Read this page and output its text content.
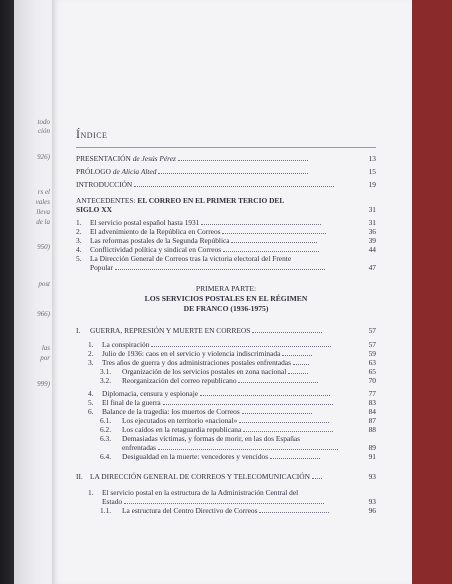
todo
ción
926)
rs el
vales
lleva
de la
950)
post
966)
las
por
999)
Índice
PRESENTACIÓN de Jesús Pérez	13
PRÓLOGO de Alicia Alted	15
INTRODUCCIÓN	19
ANTECEDENTES: EL CORREO EN EL PRIMER TERCIO DEL
SIGLO XX	31
1. El servicio postal español hasta 1931	31
2. El advenimiento de la República en Correos	36
3. Las reformas postales de la Segunda República	39
4. Conflictividad política y sindical en Correos	44
5. La Dirección General de Correos tras la victoria electoral del Frente
Popular	47
PRIMERA PARTE:
LOS SERVICIOS POSTALES EN EL RÉGIMEN
DE FRANCO (1936-1975)
I. GUERRA, REPRESIÓN Y MUERTE EN CORREOS	57
1. La conspiración	57
2. Julio de 1936: caos en el servicio y violencia indiscriminada	59
3. Tres años de guerra y dos administraciones postales enfrentadas	63
3.1. Organización de los servicios postales en zona nacional	65
3.2. Reorganización del correo republicano	70
4. Diplomacia, censura y espionaje	77
5. El final de la guerra	83
6. Balance de la tragedia: los muertos de Correos	84
6.1. Los ejecutados en territorio «nacional»	87
6.2. Los caídos en la retaguardia republicana	88
6.3. Demasiadas víctimas, y formas de morir, en las dos Españas
enfrentadas	89
6.4. Desigualdad en la muerte: vencedores y vencidos	91
II. LA DIRECCIÓN GENERAL DE CORREOS Y TELECOMUNICACIÓN	93
1. El servicio postal en la estructura de la Administración Central del
Estado	93
1.1. La estructura del Centro Directivo de Correos	96
